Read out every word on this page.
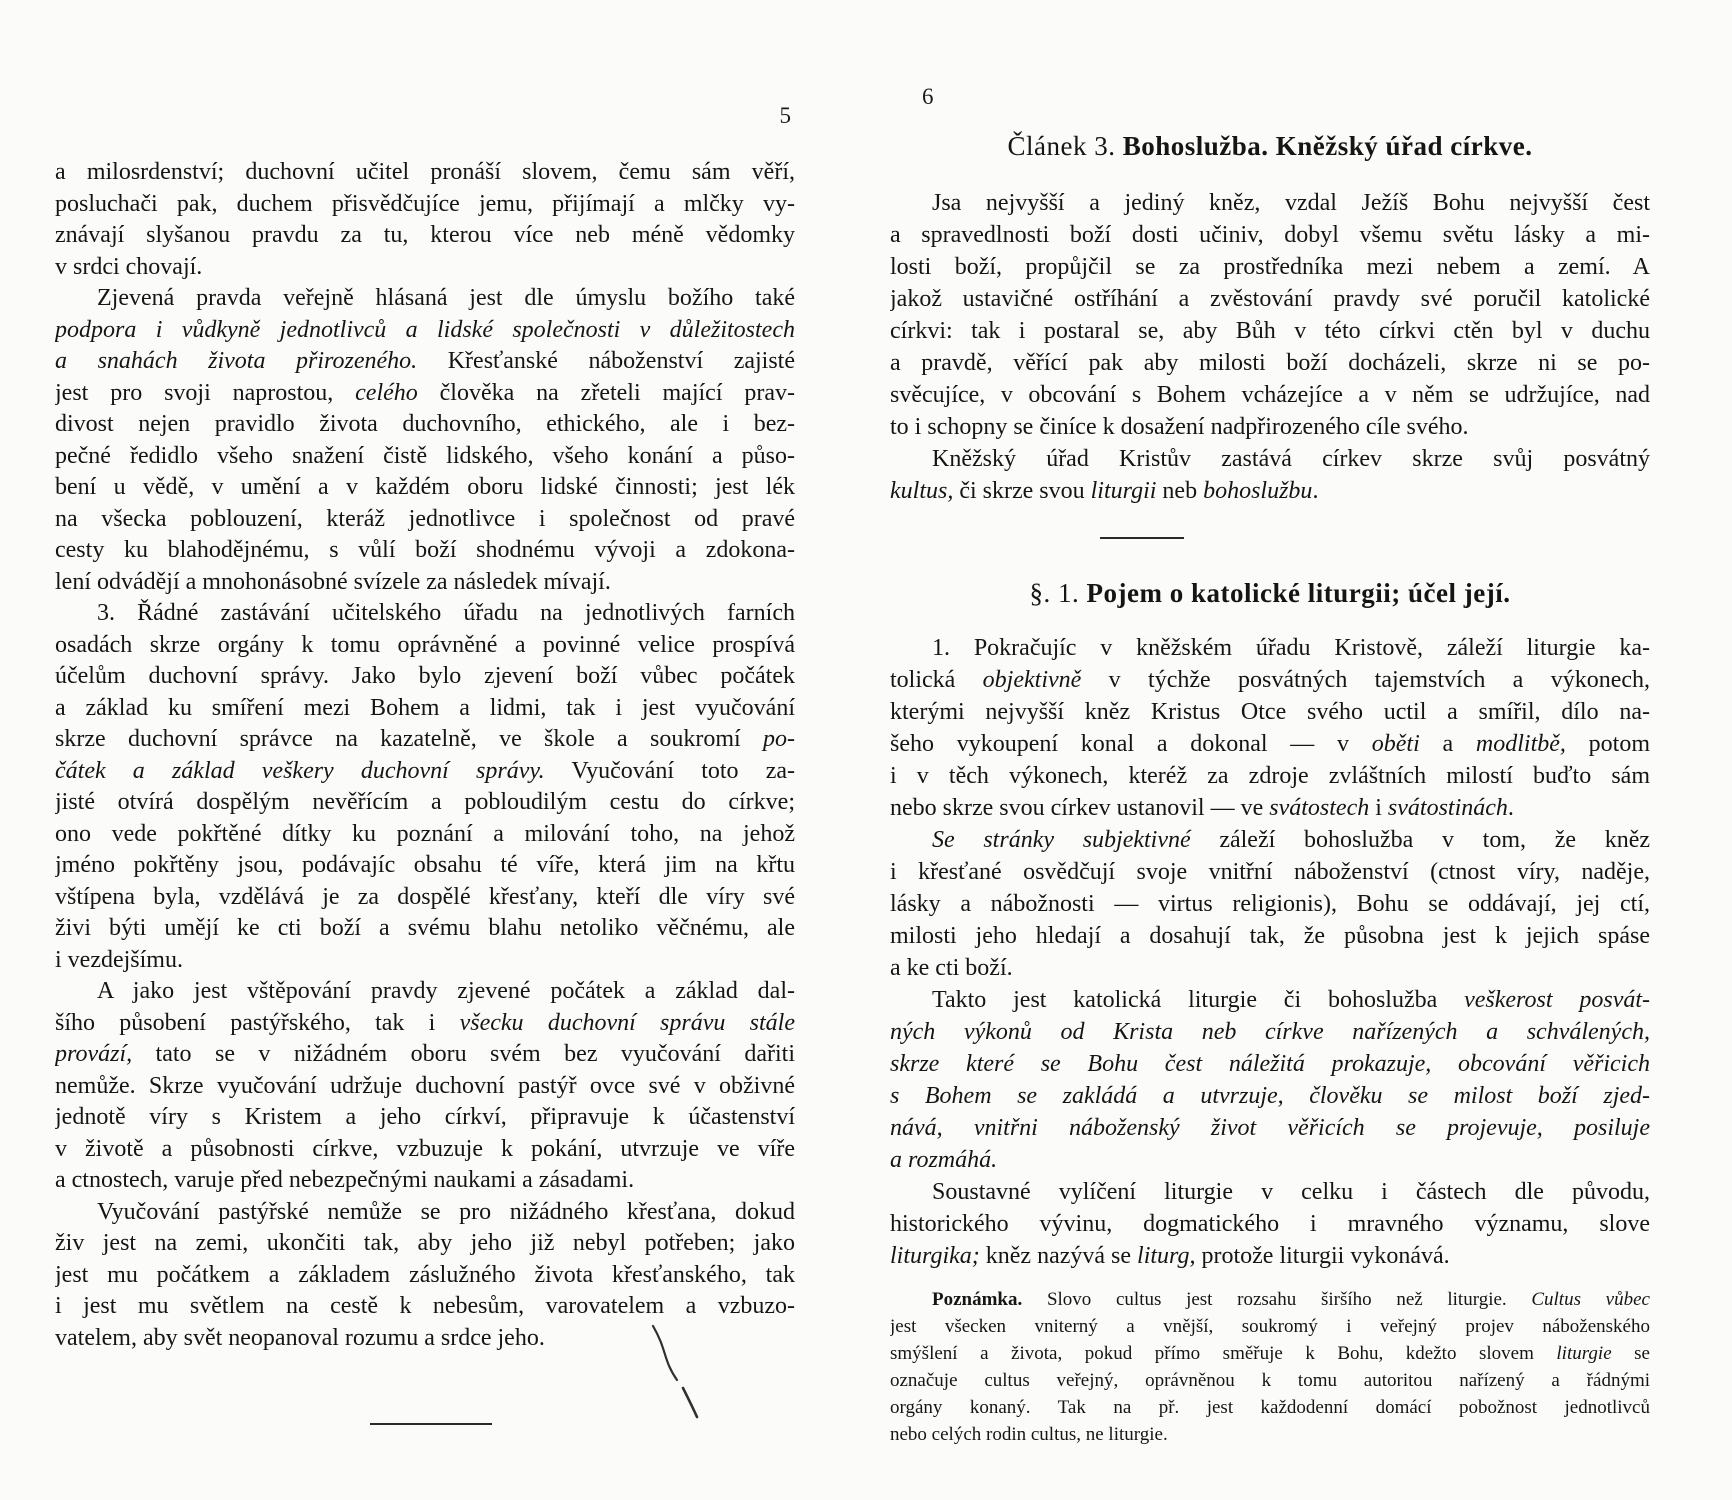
5
a milosrdenství; duchovní učitel pronáší slovem, čemu sám věří,
posluchači pak, duchem přisvědčujíce jemu, přijímají a mlčky vy-
znávají slyšanou pravdu za tu, kterou více neb méně vědomky
v srdci chovají.
Zjevená pravda veřejně hlásaná jest dle úmyslu božího také
podpora i vůdkyně jednotlivců a lidské společnosti v důležitostech
a snahách života přirozeného. Křesťanské náboženství zajisté
jest pro svoji naprostou, celého člověka na zřeteli mající prav-
divost nejen pravidlo života duchovního, ethického, ale i bez-
pečné ředidlo všeho snažení čistě lidského, všeho konání a půso-
bení u vědě, v umění a v každém oboru lidské činnosti; jest lék
na všecka poblouzení, kteráž jednotlivce i společnost od pravé
cesty ku blahodějnému, s vůlí boží shodnému vývoji a zdokona-
lení odvádějí a mnohonásobné svízele za následek mívají.
3. Řádné zastávání učitelského úřadu na jednotlivých farních
osadách skrze orgány k tomu oprávněné a povinné velice prospívá
účelům duchovní správy. Jako bylo zjevení boží vůbec počátek
a základ ku smíření mezi Bohem a lidmi, tak i jest vyučování
skrze duchovní správce na kazatelně, ve škole a soukromí po-
čátek a základ veškery duchovní správy. Vyučování toto za-
jisté otvírá dospělým nevěřícím a pobloudilým cestu do církve;
ono vede pokřtěné dítky ku poznání a milování toho, na jehož
jméno pokřtěny jsou, podávajíc obsahu té víře, která jim na křtu
vštípena byla, vzdělává je za dospělé křesťany, kteří dle víry své
živi býti umějí ke cti boží a svému blahu netoliko věčnému, ale
i vezdejšímu.
A jako jest vštěpování pravdy zjevené počátek a základ dal-
šího působení pastýřského, tak i všecku duchovní správu stále
provází, tato se v nižádném oboru svém bez vyučování dařiti
nemůže. Skrze vyučování udržuje duchovní pastýř ovce své v obživné
jednotě víry s Kristem a jeho církví, připravuje k účastenství
v životě a působnosti církve, vzbuzuje k pokání, utvrzuje ve víře
a ctnostech, varuje před nebezpečnými naukami a zásadami.
Vyučování pastýřské nemůže se pro nižádného křesťana, dokud
živ jest na zemi, ukončiti tak, aby jeho již nebyl potřeben; jako
jest mu počátkem a základem záslužného života křesťanského, tak
i jest mu světlem na cestě k nebesům, varovatelem a vzbuzo-
vatelem, aby svět neopanoval rozumu a srdce jeho.
6
Článek 3. Bohoslužba. Kněžský úřad církve.
Jsa nejvyšší a jediný kněz, vzdal Ježíš Bohu nejvyšší čest
a spravedlnosti boží dosti učiniv, dobyl všemu světu lásky a mi-
losti boží, propůjčil se za prostředníka mezi nebem a zemí. A
jakož ustavičné ostříhání a zvěstování pravdy své poručil katolické
církvi: tak i postaral se, aby Bůh v této církvi ctěn byl v duchu
a pravdě, věřící pak aby milosti boží docházeli, skrze ni se po-
svěcujíce, v obcování s Bohem vcházejíce a v něm se udržujíce, nad
to i schopny se činíce k dosažení nadpřirozeného cíle svého.
Kněžský úřad Kristův zastává církev skrze svůj posvátný
kultus, či skrze svou liturgii neb bohoslužbu.
§. 1. Pojem o katolické liturgii; účel její.
1. Pokračujíc v kněžském úřadu Kristově, záleží liturgie ka-
tolická objektivně v týchže posvátných tajemstvích a výkonech,
kterými nejvyšší kněz Kristus Otce svého uctil a smířil, dílo na-
šeho vykoupení konal a dokonal — v oběti a modlitbě, potom
i v těch výkonech, kteréž za zdroje zvláštních milostí buďto sám
nebo skrze svou církev ustanovil — ve svátostech i svátostinách.
Se stránky subjektivné záleží bohoslužba v tom, že kněz
i křesťané osvědčují svoje vnitřní náboženství (ctnost víry, naděje,
lásky a nábožnosti — virtus religionis), Bohu se oddávají, jej ctí,
milosti jeho hledají a dosahují tak, že působna jest k jejich spáse
a ke cti boží.
Takto jest katolická liturgie či bohoslužba veškerost posvát-
ných výkonů od Krista neb církve nařízených a schválených,
skrze které se Bohu čest náležitá prokazuje, obcování věřicich
s Bohem se zakládá a utvrzuje, člověku se milost boží zjed-
nává, vnitřni náboženský život věřicích se projevuje, posiluje
a rozmáhá.
Soustavné vylíčení liturgie v celku i částech dle původu,
historického vývinu, dogmatického i mravného významu, slove
liturgika; kněz nazývá se liturg, protože liturgii vykonává.
Poznámka. Slovo cultus jest rozsahu širšího než liturgie. Cultus vůbec
jest všecken vniterný a vnější, soukromý i veřejný projev náboženského
smýšlení a života, pokud přímo směřuje k Bohu, kdežto slovem liturgie se
označuje cultus veřejný, oprávněnou k tomu autoritou nařízený a řádnými
orgány konaný. Tak na př. jest každodenní domácí pobožnost jednotlivců
nebo celých rodin cultus, ne liturgie.
